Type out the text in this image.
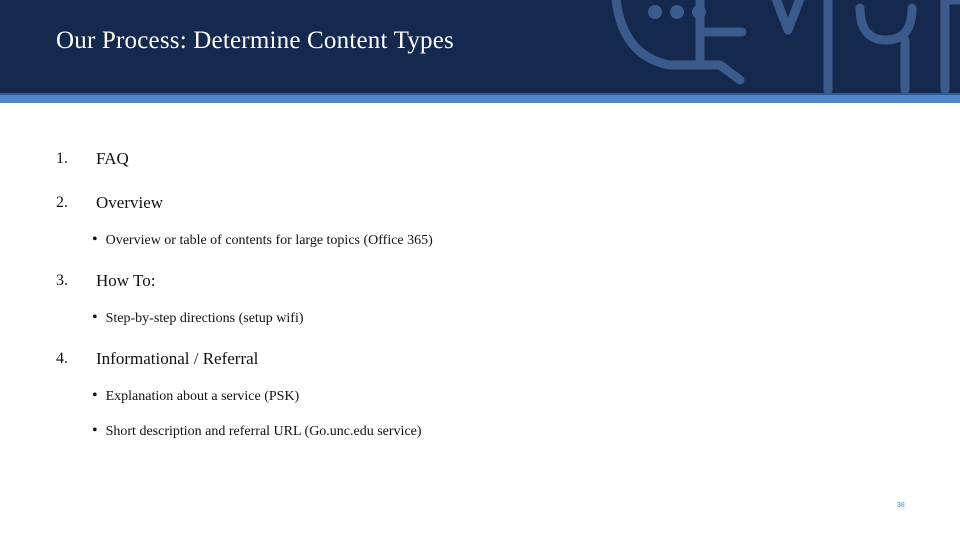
Our Process: Determine Content Types
1. FAQ
2. Overview
• Overview or table of contents for large topics (Office 365)
3. How To:
• Step-by-step directions (setup wifi)
4. Informational / Referral
• Explanation about a service (PSK)
• Short description and referral URL (Go.unc.edu service)
38
